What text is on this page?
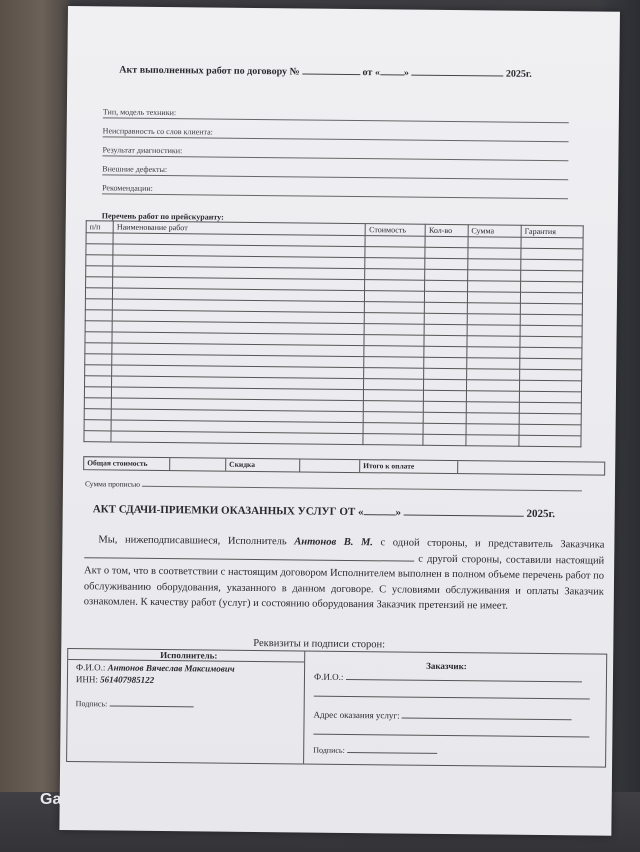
Акт выполненных работ по договору №	от « »	2025г.
Тип, модель техники:
Неисправность со слов клиента:
Результат диагностики:
Внешние дефекты:
Рекомендации:
Перечень работ по прейскуранту:
п/п	Наименование работ	Стоимость	Кол-во	Сумма	Гарантия

Общая стоимость	Скидка	Итого к оплате
Сумма прописью
АКТ СДАЧИ-ПРИЕМКИ ОКАЗАННЫХ УСЛУГ ОТ «	»	2025г.
Мы, нижеподписавшиеся, Исполнитель Антонов В. М. с одной стороны, и представитель Заказчика  с другой стороны, составили настоящий Акт о том, что в соответствии с настоящим договором Исполнителем выполнен в полном объеме перечень работ по обслуживанию оборудования, указанного в данном договоре. С условиями обслуживания и оплаты Заказчик ознакомлен. К качеству работ (услуг) и состоянию оборудования Заказчик претензий не имеет.
Реквизиты и подписи сторон:
Исполнитель:
Ф.И.О.: Антонов Вячеслав Максимович
ИНН: 561407985122
Подпись:
Заказчик:
Ф.И.О.:
Адрес оказания услуг:
Подпись:
Galaxy A23
